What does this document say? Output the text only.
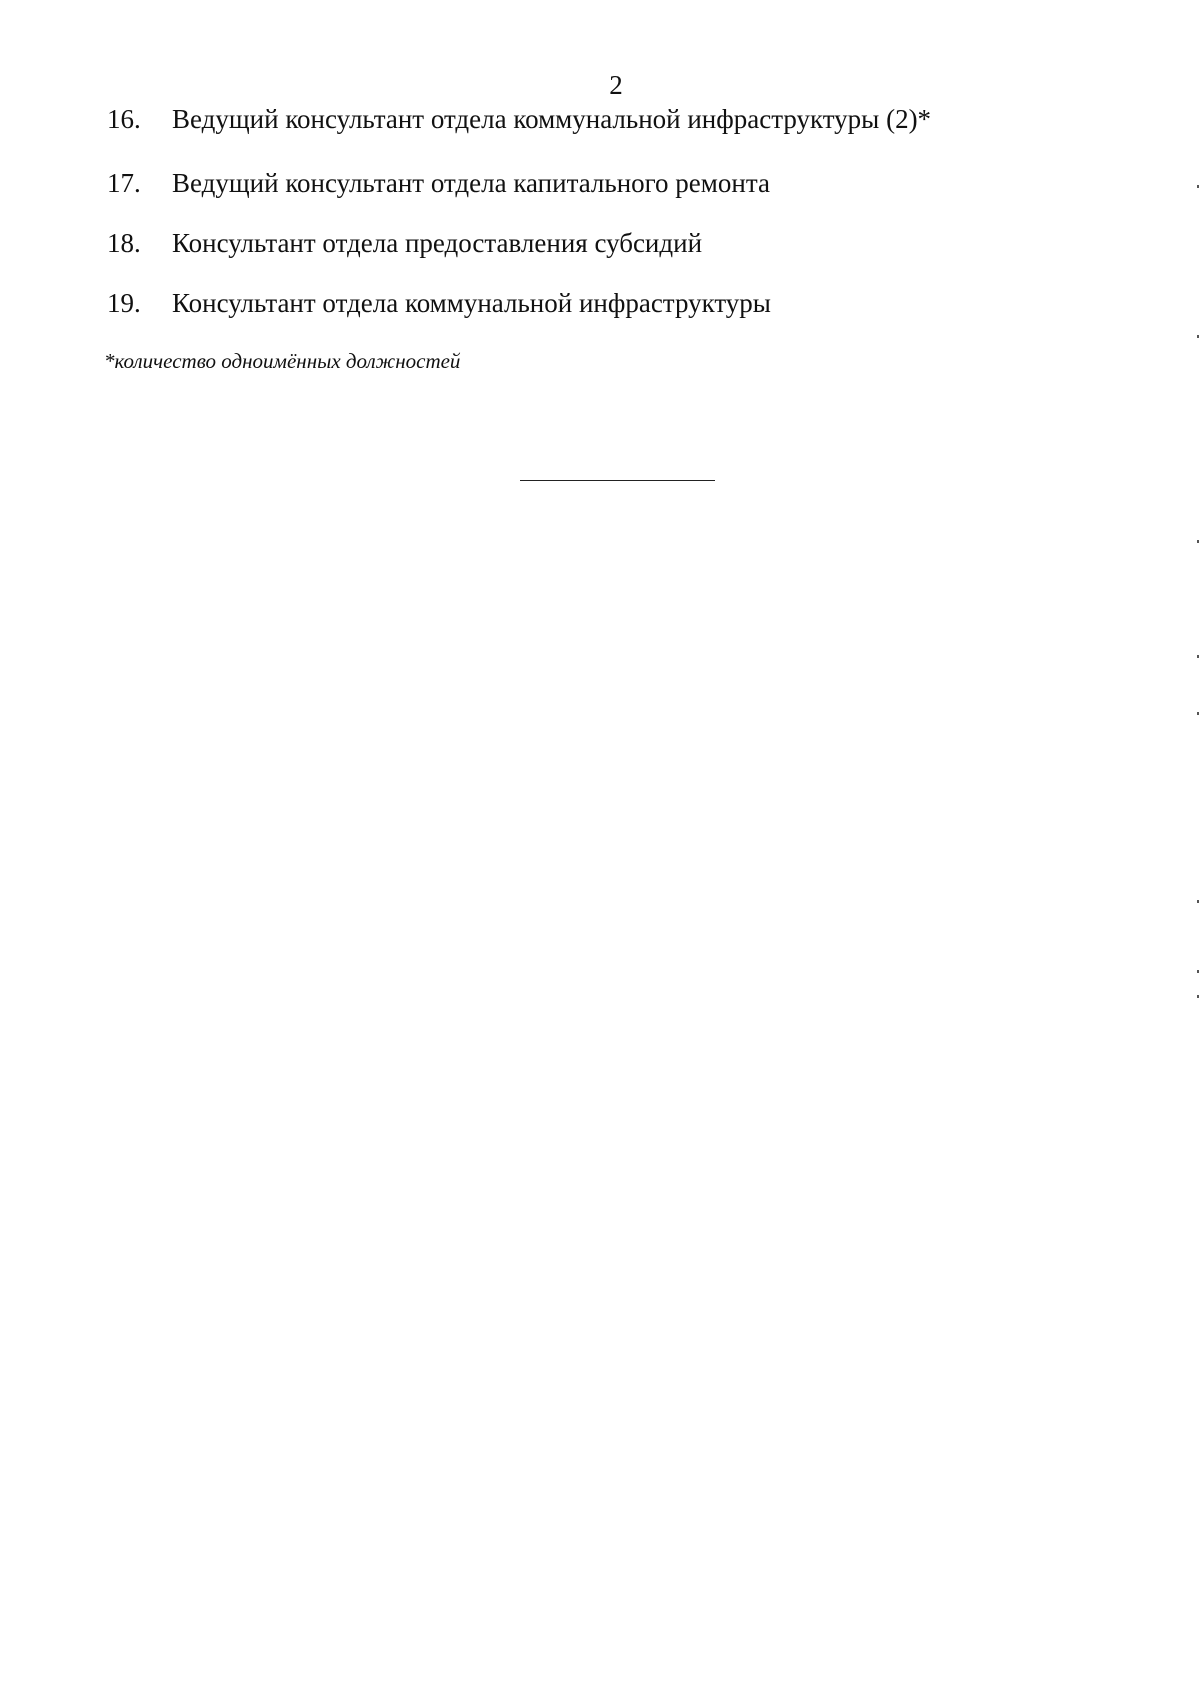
2
16.	Ведущий консультант отдела коммунальной инфраструктуры (2)*
17.	Ведущий консультант отдела капитального ремонта
18.	Консультант отдела предоставления субсидий
19.	Консультант отдела коммунальной инфраструктуры
*количество одноимённых должностей
